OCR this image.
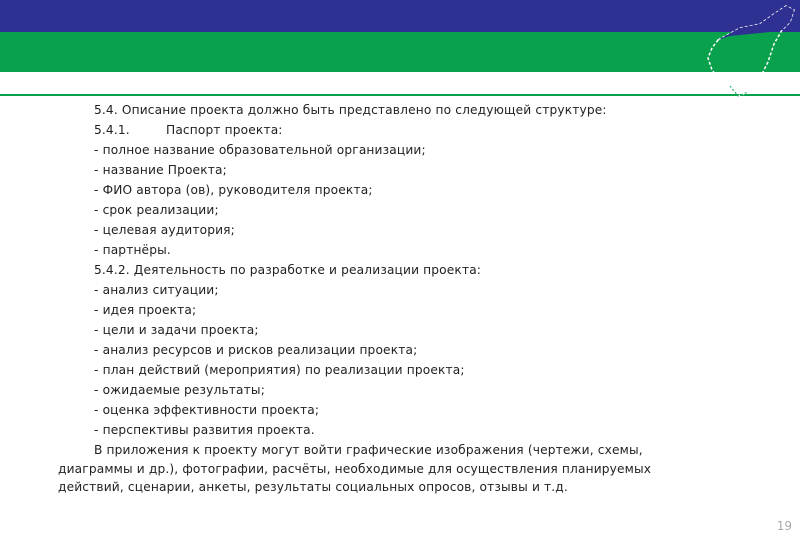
5.4. Описание проекта должно быть представлено по следующей структуре:
5.4.1.	Паспорт проекта:
- полное название образовательной организации;
- название Проекта;
- ФИО автора (ов), руководителя проекта;
- срок реализации;
- целевая аудитория;
- партнёры.
5.4.2. Деятельность по разработке и реализации проекта:
- анализ ситуации;
- идея проекта;
- цели и задачи проекта;
- анализ ресурсов и рисков реализации проекта;
- план действий (мероприятия) по реализации проекта;
- ожидаемые результаты;
- оценка эффективности проекта;
- перспективы развития проекта.
В приложения к проекту могут войти графические изображения (чертежи, схемы,
диаграммы и др.), фотографии, расчёты, необходимые для осуществления планируемых
действий, сценарии, анкеты, результаты социальных опросов, отзывы и т.д.
19
